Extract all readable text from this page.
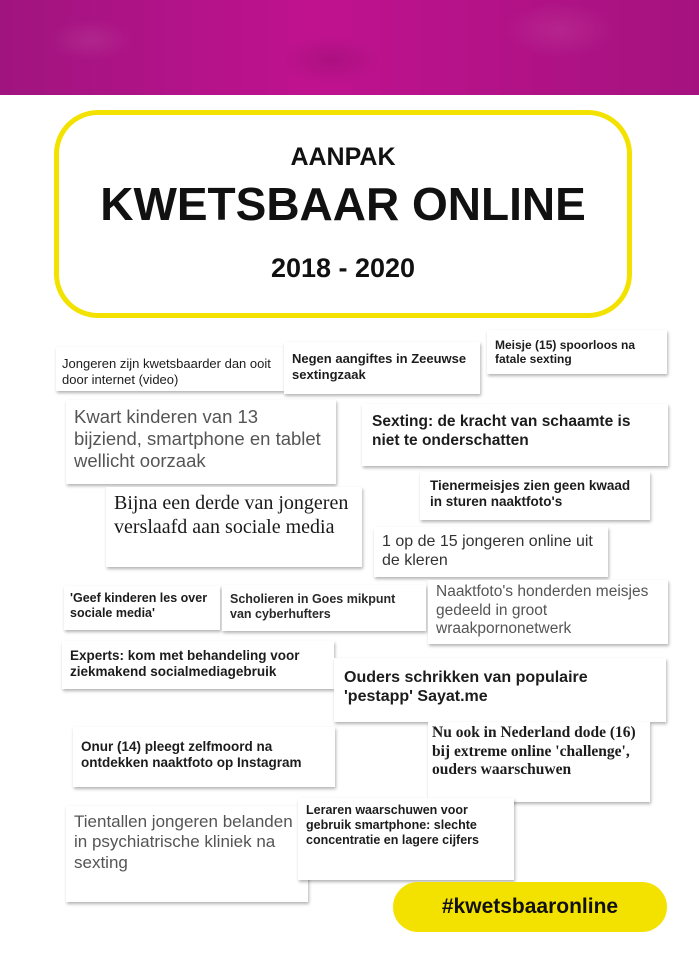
AANPAK
KWETSBAAR ONLINE
2018 - 2020
Jongeren zijn kwetsbaarder dan ooit door internet (video)
Negen aangiftes in Zeeuwse sextingzaak
Meisje (15) spoorloos na fatale sexting
Kwart kinderen van 13 bijziend, smartphone en tablet wellicht oorzaak
Sexting: de kracht van schaamte is niet te onderschatten
Tienermeisjes zien geen kwaad in sturen naaktfoto's
Bijna een derde van jongeren verslaafd aan sociale media
1 op de 15 jongeren online uit de kleren
'Geef kinderen les over sociale media'
Scholieren in Goes mikpunt van cyberhufters
Naaktfoto's honderden meisjes gedeeld in groot wraakpornonetwerk
Experts: kom met behandeling voor ziekmakend socialmediagebruik	Ouders schrikken van populaire 'pestapp' Sayat.me
Onur (14) pleegt zelfmoord na ontdekken naaktfoto op Instagram
Nu ook in Nederland dode (16) bij extreme online 'challenge', ouders waarschuwen
Tientallen jongeren belanden in psychiatrische kliniek na sexting
Leraren waarschuwen voor gebruik smartphone: slechte concentratie en lagere cijfers
#kwetsbaaronline
